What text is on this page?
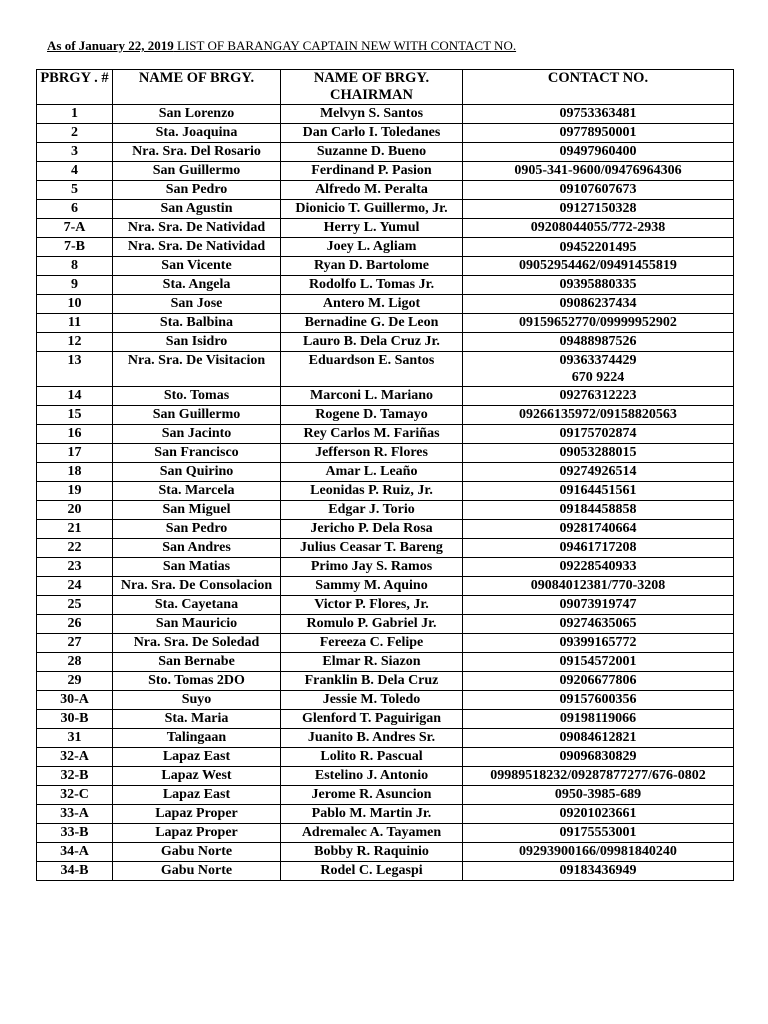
As of January 22, 2019 LIST OF BARANGAY CAPTAIN NEW WITH CONTACT NO.
PBRGY . #	NAME OF BRGY.	NAME OF BRGY. CHAIRMAN	CONTACT NO.
1	San Lorenzo	Melvyn S. Santos	09753363481
2	Sta. Joaquina	Dan Carlo I. Toledanes	09778950001
3	Nra. Sra. Del Rosario	Suzanne D. Bueno	09497960400
4	San Guillermo	Ferdinand P. Pasion	0905-341-9600/09476964306
5	San Pedro	Alfredo M. Peralta	09107607673
6	San Agustin	Dionicio T. Guillermo, Jr.	09127150328
7-A	Nra. Sra. De Natividad	Herry L. Yumul	09208044055/772-2938
7-B	Nra. Sra. De Natividad	Joey L. Agliam	09452201495
8	San Vicente	Ryan D. Bartolome	09052954462/09491455819
9	Sta. Angela	Rodolfo L. Tomas Jr.	09395880335
10	San Jose	Antero M. Ligot	09086237434
11	Sta. Balbina	Bernadine G. De Leon	09159652770/09999952902
12	San Isidro	Lauro B. Dela Cruz Jr.	09488987526
13	Nra. Sra. De Visitacion	Eduardson E. Santos	09363374429
670 9224
14	Sto. Tomas	Marconi L. Mariano	09276312223
15	San Guillermo	Rogene D. Tamayo	09266135972/09158820563
16	San Jacinto	Rey Carlos M. Fariñas	09175702874
17	San Francisco	Jefferson R. Flores	09053288015
18	San Quirino	Amar L. Leaño	09274926514
19	Sta. Marcela	Leonidas P. Ruiz, Jr.	09164451561
20	San Miguel	Edgar J. Torio	09184458858
21	San Pedro	Jericho P. Dela Rosa	09281740664
22	San Andres	Julius Ceasar T. Bareng	09461717208
23	San Matias	Primo Jay S. Ramos	09228540933
24	Nra. Sra. De Consolacion	Sammy M. Aquino	09084012381/770-3208
25	Sta. Cayetana	Victor P. Flores, Jr.	09073919747
26	San Mauricio	Romulo P. Gabriel Jr.	09274635065
27	Nra. Sra. De Soledad	Fereeza C. Felipe	09399165772
28	San Bernabe	Elmar R. Siazon	09154572001
29	Sto. Tomas 2DO	Franklin B. Dela Cruz	09206677806
30-A	Suyo	Jessie M. Toledo	09157600356
30-B	Sta. Maria	Glenford T. Paguirigan	09198119066
31	Talingaan	Juanito B. Andres Sr.	09084612821
32-A	Lapaz East	Lolito R. Pascual	09096830829
32-B	Lapaz West	Estelino J. Antonio	09989518232/09287877277/676-0802
32-C	Lapaz East	Jerome R. Asuncion	0950-3985-689
33-A	Lapaz Proper	Pablo M. Martin Jr.	09201023661
33-B	Lapaz Proper	Adremalec A. Tayamen	09175553001
34-A	Gabu Norte	Bobby R. Raquinio	09293900166/09981840240
34-B	Gabu Norte	Rodel C. Legaspi	09183436949
